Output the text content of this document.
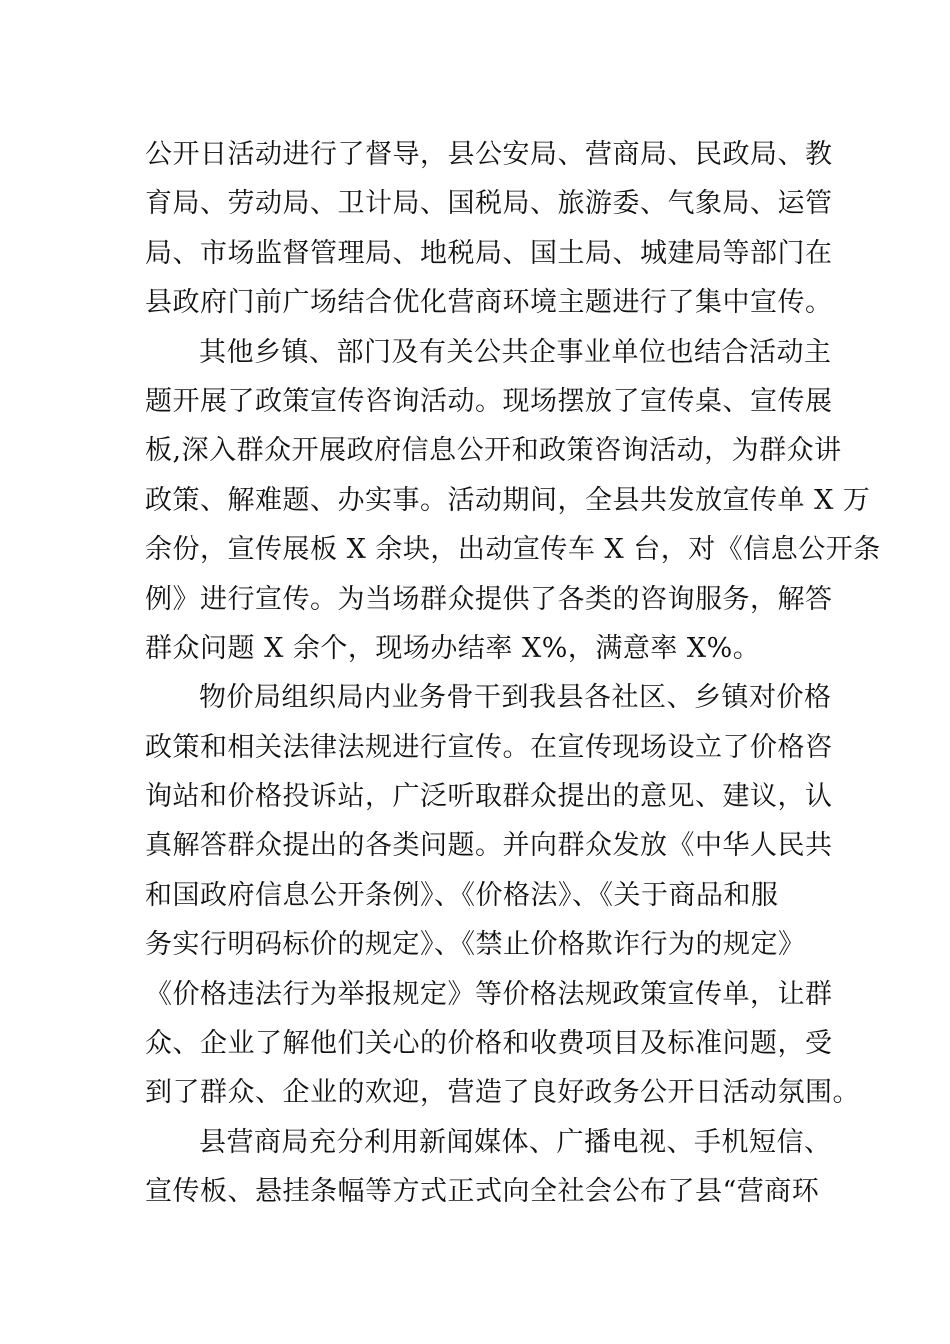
公开日活动进行了督导，县公安局、营商局、民政局、教
育局、劳动局、卫计局、国税局、旅游委、气象局、运管
局、市场监督管理局、地税局、国土局、城建局等部门在
县政府门前广场结合优化营商环境主题进行了集中宣传。
其他乡镇、部门及有关公共企事业单位也结合活动主
题开展了政策宣传咨询活动。现场摆放了宣传桌、宣传展
板,深入群众开展政府信息公开和政策咨询活动，为群众讲
政策、解难题、办实事。活动期间，全县共发放宣传单 X 万
余份，宣传展板 X 余块，出动宣传车 X 台，对《信息公开条
例》进行宣传。为当场群众提供了各类的咨询服务，解答
群众问题 X 余个，现场办结率 X%，满意率 X%。
物价局组织局内业务骨干到我县各社区、乡镇对价格
政策和相关法律法规进行宣传。在宣传现场设立了价格咨
询站和价格投诉站，广泛听取群众提出的意见、建议，认
真解答群众提出的各类问题。并向群众发放《中华人民共
和国政府信息公开条例》、《价格法》、《关于商品和服
务实行明码标价的规定》、《禁止价格欺诈行为的规定》
《价格违法行为举报规定》等价格法规政策宣传单，让群
众、企业了解他们关心的价格和收费项目及标准问题，受
到了群众、企业的欢迎，营造了良好政务公开日活动氛围。
县营商局充分利用新闻媒体、广播电视、手机短信、
宣传板、悬挂条幅等方式正式向全社会公布了县“营商环
